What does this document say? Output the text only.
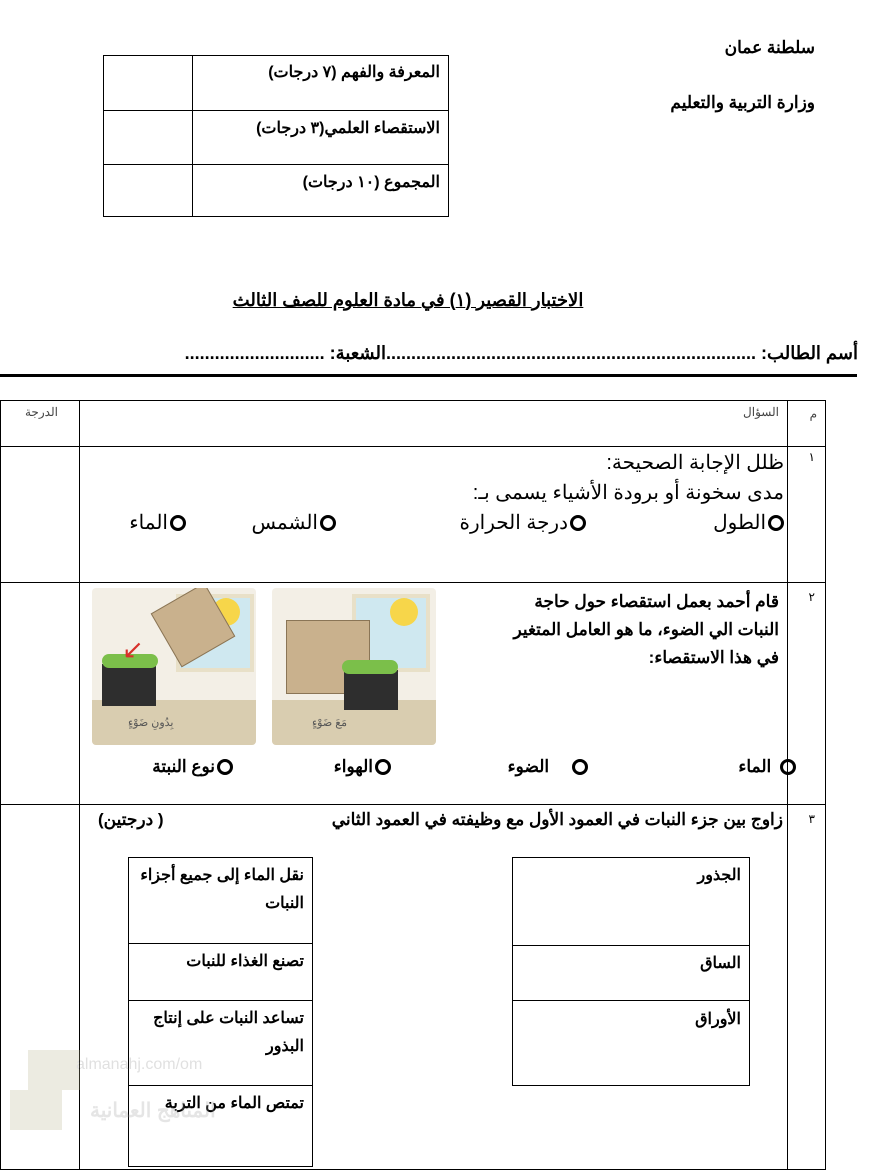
سلطنة عمان
وزارة التربية والتعليم
المعرفة والفهم (٧ درجات)
الاستقصاء العلمي(٣ درجات)
المجموع (١٠ درجات)
الاختبار القصير (١) في مادة العلوم للصف الثالث
أسم الطالب: ..........................................................................الشعبة: ............................
م
السؤال
الدرجة
١
ظلل الإجابة الصحيحة:
مدى سخونة أو برودة الأشياء يسمى بـ:
الطول
درجة الحرارة
الشمس
الماء
٢
قام أحمد بعمل استقصاء حول حاجة
النبات الي الضوء، ما هو العامل المتغير
في هذا الاستقصاء:
مَعَ ضَوْءٍ
↙
بِدُونِ ضَوْءٍ

الماء

الضوء
الهواء
نوع النبتة
٣
زاوج بين جزء النبات في العمود الأول مع وظيفته في العمود الثاني
( درجتين)
الجذور
الساق
الأوراق
نقل الماء إلى جميع أجزاء النبات
تصنع الغذاء للنبات
تساعد النبات على إنتاج البذور
تمتص الماء من التربة
almanahj.com/om
المناهج العمانية
